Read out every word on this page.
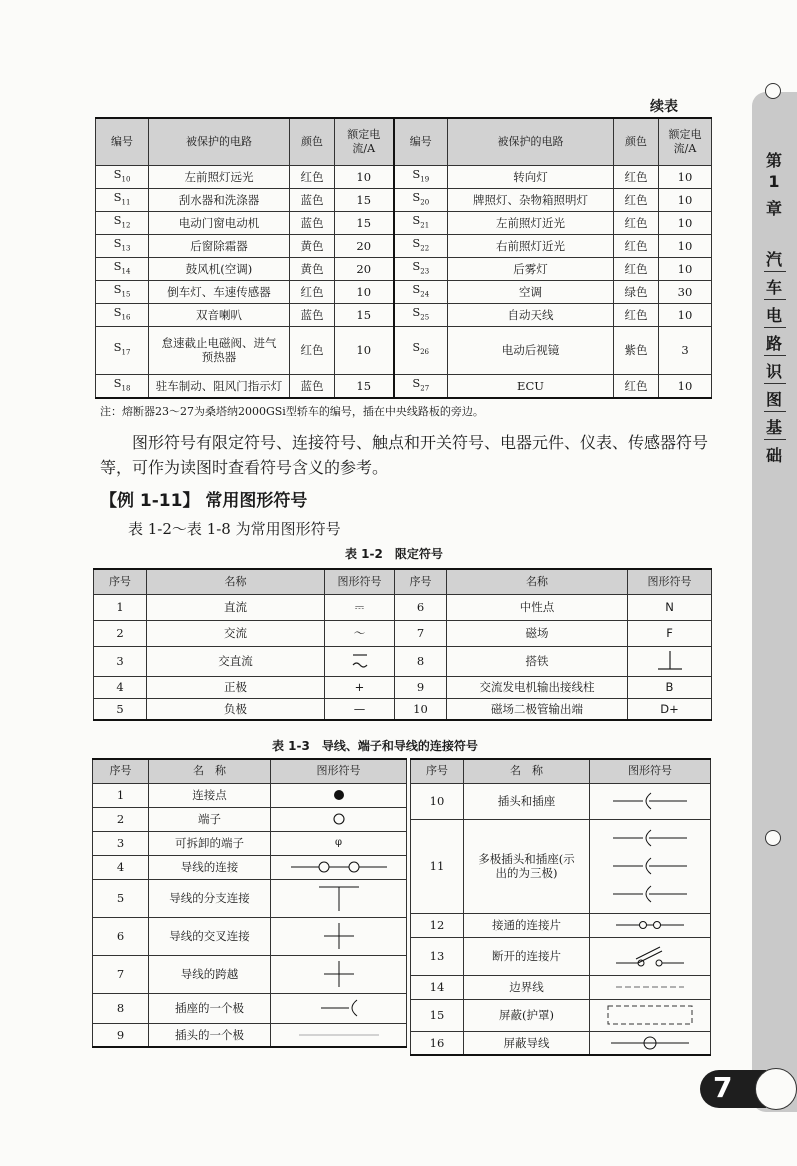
第
1
章
汽
车
电
路
识
图
基
础
续表
编号	被保护的电路	颜色	额定电流/A	编号	被保护的电路	颜色	额定电流/A
$S_{10}$	左前照灯远光	红色	10	$S_{19}$	转向灯	红色	10
$S_{11}$	刮水器和洗涤器	蓝色	15	$S_{20}$	牌照灯、杂物箱照明灯	红色	10
$S_{12}$	电动门窗电动机	蓝色	15	$S_{21}$	左前照灯近光	红色	10
$S_{13}$	后窗除霜器	黄色	20	$S_{22}$	右前照灯近光	红色	10
$S_{14}$	鼓风机(空调)	黄色	20	$S_{23}$	后雾灯	红色	10
$S_{15}$	倒车灯、车速传感器	红色	10	$S_{24}$	空调	绿色	30
$S_{16}$	双音喇叭	蓝色	15	$S_{25}$	自动天线	红色	10
$S_{17}$	怠速截止电磁阀、进气预热器	红色	10	$S_{26}$	电动后视镜	紫色	3
$S_{18}$	驻车制动、阻风门指示灯	蓝色	15	$S_{27}$	ECU	红色	10
注：熔断器23～27为桑塔纳2000GSi型轿车的编号，插在中央线路板的旁边。
图形符号有限定符号、连接符号、触点和开关符号、电器元件、仪表、传感器符号等，可作为读图时查看符号含义的参考。
【例 1-11】 常用图形符号
表 1-2～表 1-8 为常用图形符号
表 1-2　限定符号
序号	名称	图形符号	序号	名称	图形符号
1	直流	⎓	6	中性点	N
2	交流	～	7	磁场	F
3	交直流		8	搭铁	

4	正极	+	9	交流发电机输出接线柱	B
5	负极	—	10	磁场二极管输出端	D+
表 1-3　导线、端子和导线的连接符号
序号	名　称	图形符号
1	连接点	

2	端子	

3	可拆卸的端子	φ
4	导线的连接	

5	导线的分支连接	

6	导线的交叉连接	

7	导线的跨越	

8	插座的一个极	

9	插头的一个极	
序号	名　称	图形符号
10	插头和插座	

11	多极插头和插座(示出的为三极)	

12	接通的连接片	

13	断开的连接片	

14	边界线	

15	屏蔽(护罩)	

16	屏蔽导线	
7
